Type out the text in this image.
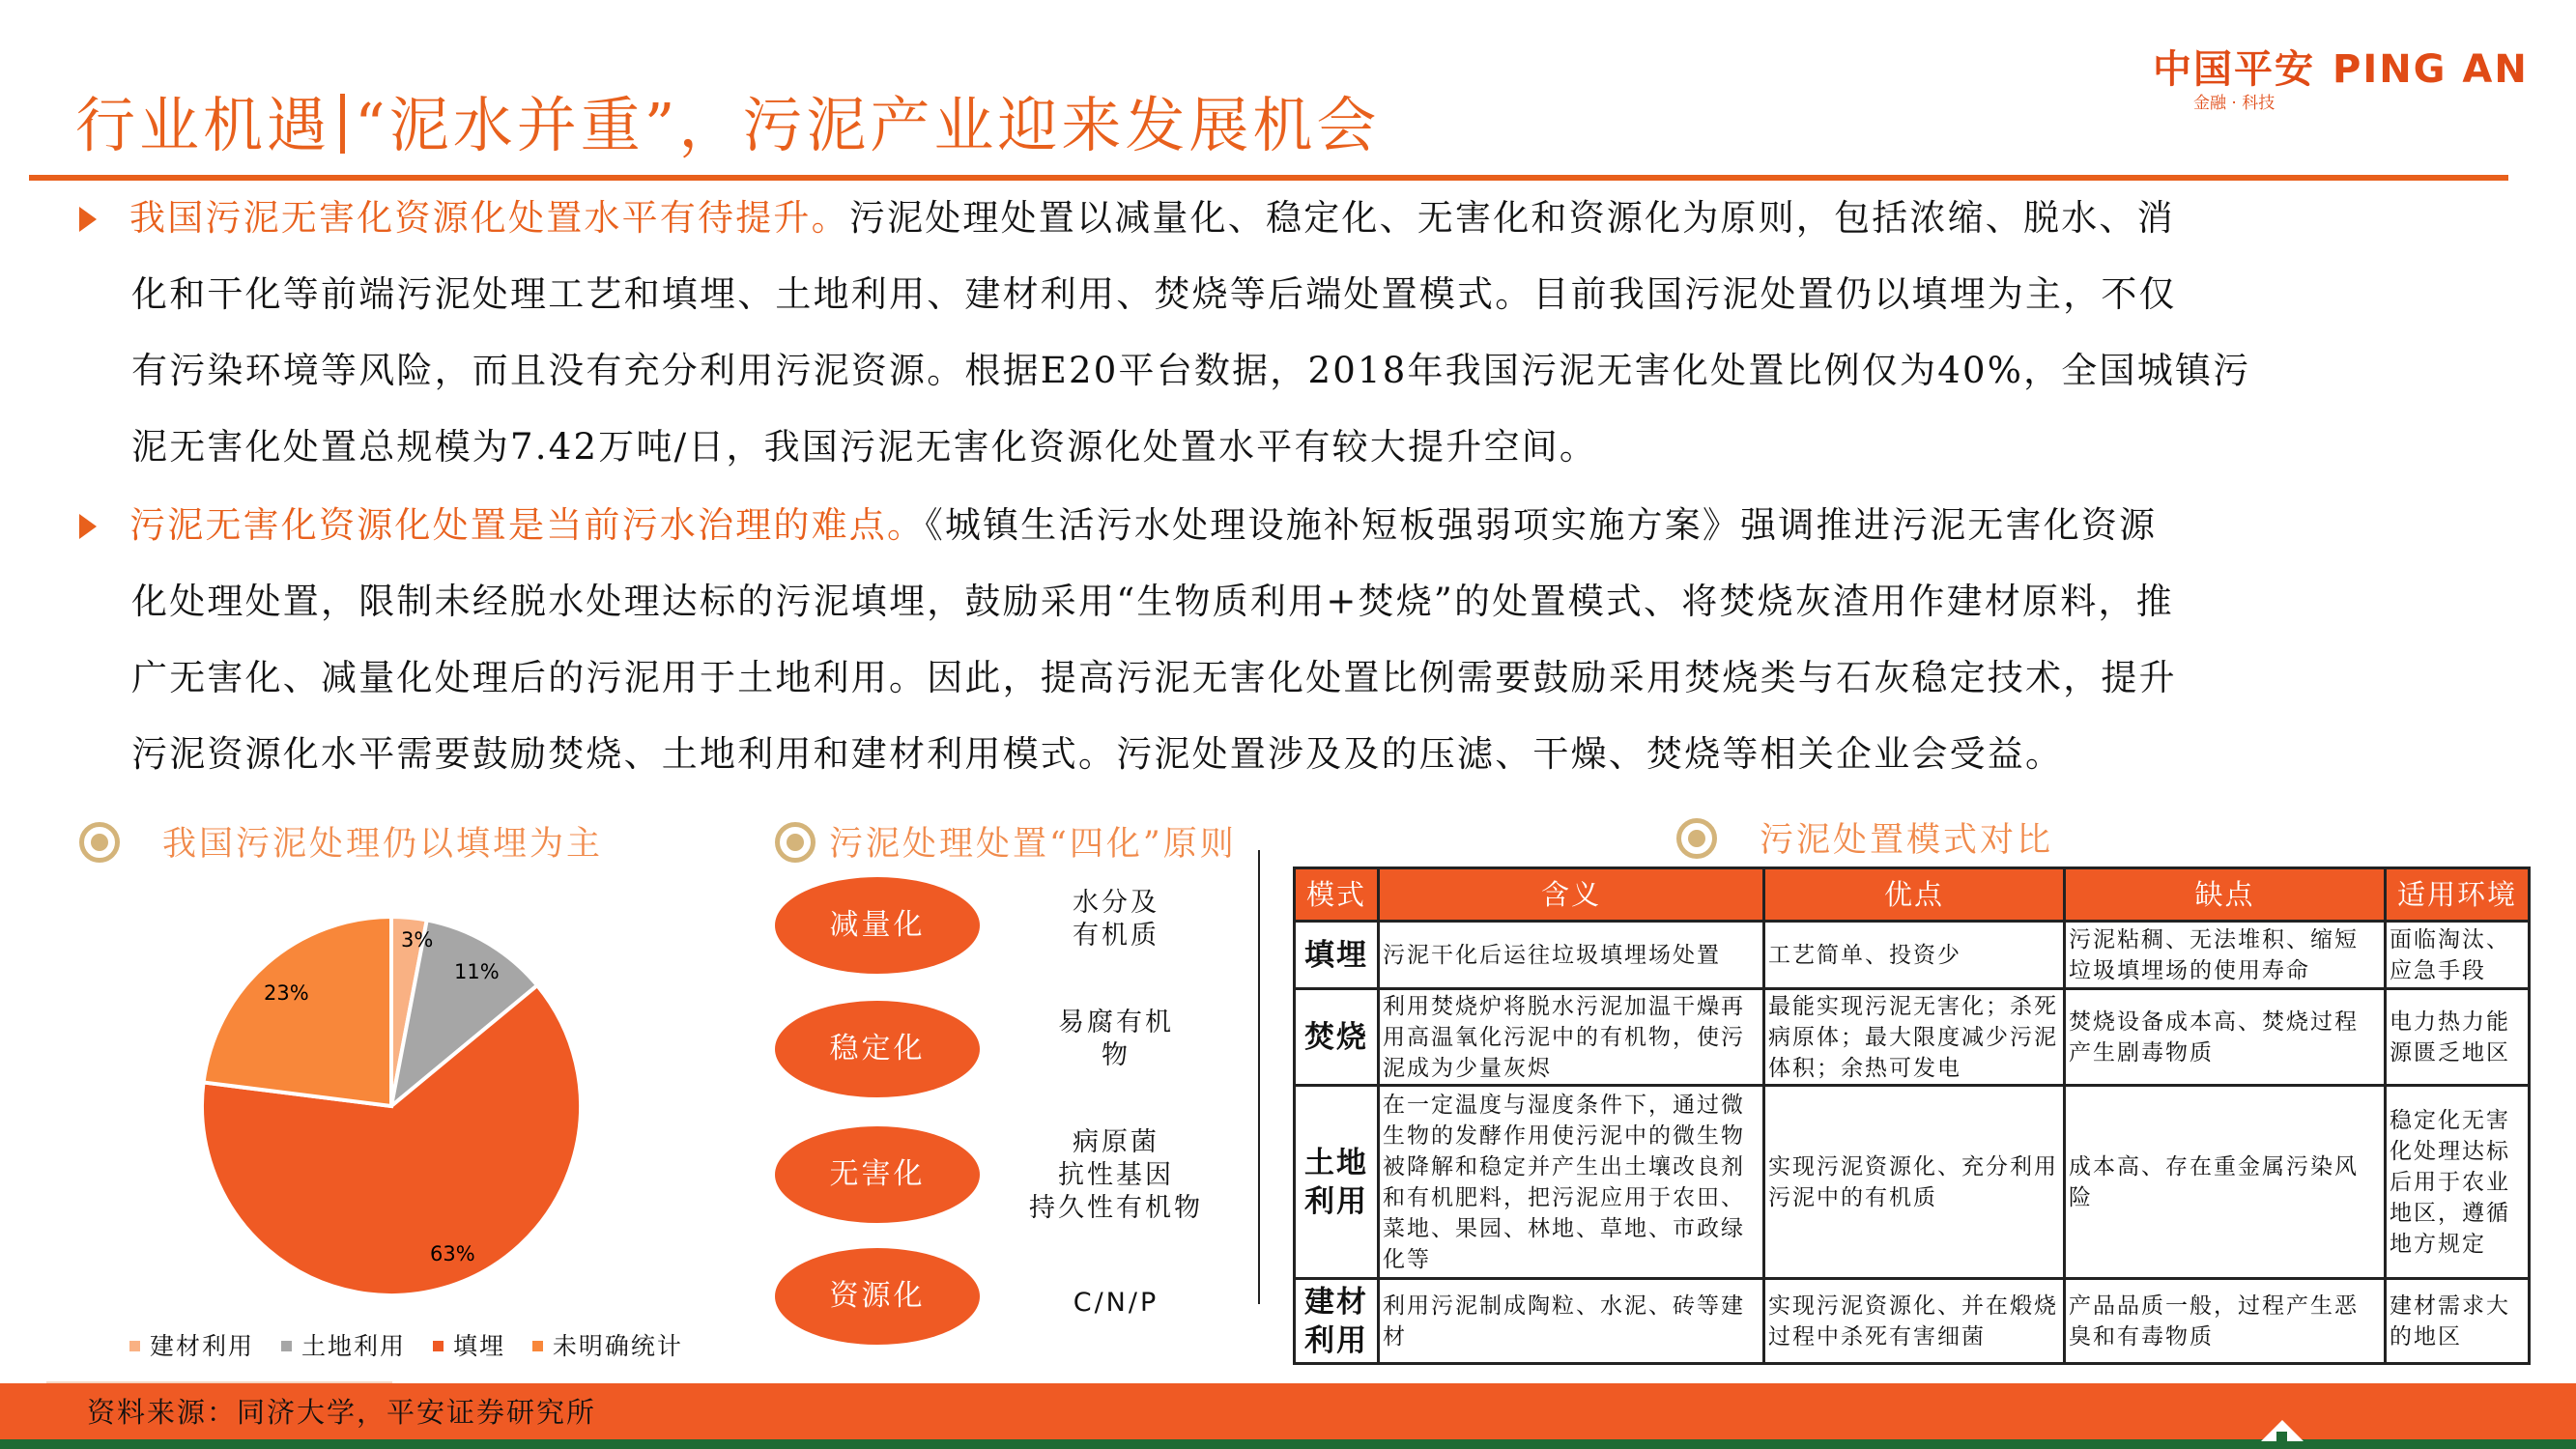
行业机遇 “泥水并重”，污泥产业迎来发展机会
中国平安 PING AN
金融 · 科技
我国污泥无害化资源化处置水平有待提升。污泥处理处置以减量化、稳定化、无害化和资源化为原则，包括浓缩、脱水、消
化和干化等前端污泥处理工艺和填埋、土地利用、建材利用、焚烧等后端处置模式。目前我国污泥处置仍以填埋为主，不仅
有污染环境等风险，而且没有充分利用污泥资源。根据E20平台数据，2018年我国污泥无害化处置比例仅为40%，全国城镇污
泥无害化处置总规模为7.42万吨/日，我国污泥无害化资源化处置水平有较大提升空间。
污泥无害化资源化处置是当前污水治理的难点。《城镇生活污水处理设施补短板强弱项实施方案》强调推进污泥无害化资源
化处理处置，限制未经脱水处理达标的污泥填埋，鼓励采用“生物质利用+焚烧”的处置模式、将焚烧灰渣用作建材原料，推
广无害化、减量化处理后的污泥用于土地利用。因此，提高污泥无害化处置比例需要鼓励采用焚烧类与石灰稳定技术，提升
污泥资源化水平需要鼓励焚烧、土地利用和建材利用模式。污泥处置涉及及的压滤、干燥、焚烧等相关企业会受益。
我国污泥处理仍以填埋为主	污泥处理处置“四化”原则	污泥处置模式对比
3%
11%
63%
23%
建材利用 土地利用 填埋 未明确统计
减量化
水分及
有机质
稳定化
易腐有机
物
无害化
病原菌
抗性基因
持久性有机物
资源化	C/N/P
模式	含义	优点	缺点	适用环境
填埋	污泥干化后运往垃圾填埋场处置	工艺简单、投资少	污泥粘稠、无法堆积、缩短垃圾填埋场的使用寿命	面临淘汰、应急手段
焚烧	利用焚烧炉将脱水污泥加温干燥再用高温氧化污泥中的有机物，使污泥成为少量灰烬	最能实现污泥无害化；杀死病原体；最大限度减少污泥体积；余热可发电	焚烧设备成本高、焚烧过程产生剧毒物质	电力热力能源匮乏地区
土地利用	在一定温度与湿度条件下，通过微生物的发酵作用使污泥中的微生物被降解和稳定并产生出土壤改良剂和有机肥料，把污泥应用于农田、菜地、果园、林地、草地、市政绿化等	实现污泥资源化、充分利用污泥中的有机质	成本高、存在重金属污染风险	稳定化无害化处理达标后用于农业地区，遵循地方规定
建材利用	利用污泥制成陶粒、水泥、砖等建材	实现污泥资源化、并在煅烧过程中杀死有害细菌	产品品质一般，过程产生恶臭和有毒物质	建材需求大的地区
资料来源：同济大学，平安证券研究所
